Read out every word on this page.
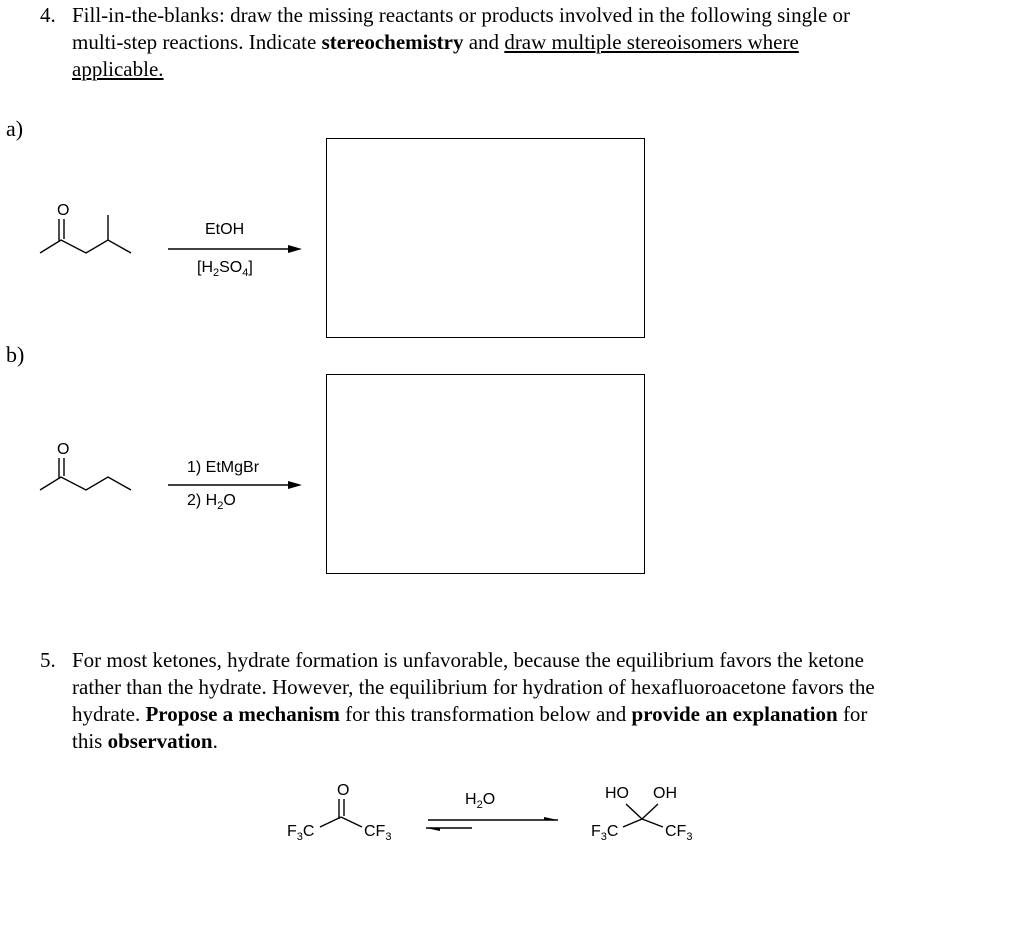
4. Fill-in-the-blanks: draw the missing reactants or products involved in the following single or
multi-step reactions. Indicate stereochemistry and draw multiple stereoisomers where
applicable.
a)
O
EtOH
$[H_2SO_4]$
b)
O
1) EtMgBr
2) $H_2O$
5. For most ketones, hydrate formation is unfavorable, because the equilibrium favors the ketone
rather than the hydrate. However, the equilibrium for hydration of hexafluoroacetone favors the
hydrate. Propose a mechanism for this transformation below and provide an explanation for
this observation.
O
$F_3C$	$CF_3$
$H_2O$	HO OH
$F_3C$	$CF_3$
